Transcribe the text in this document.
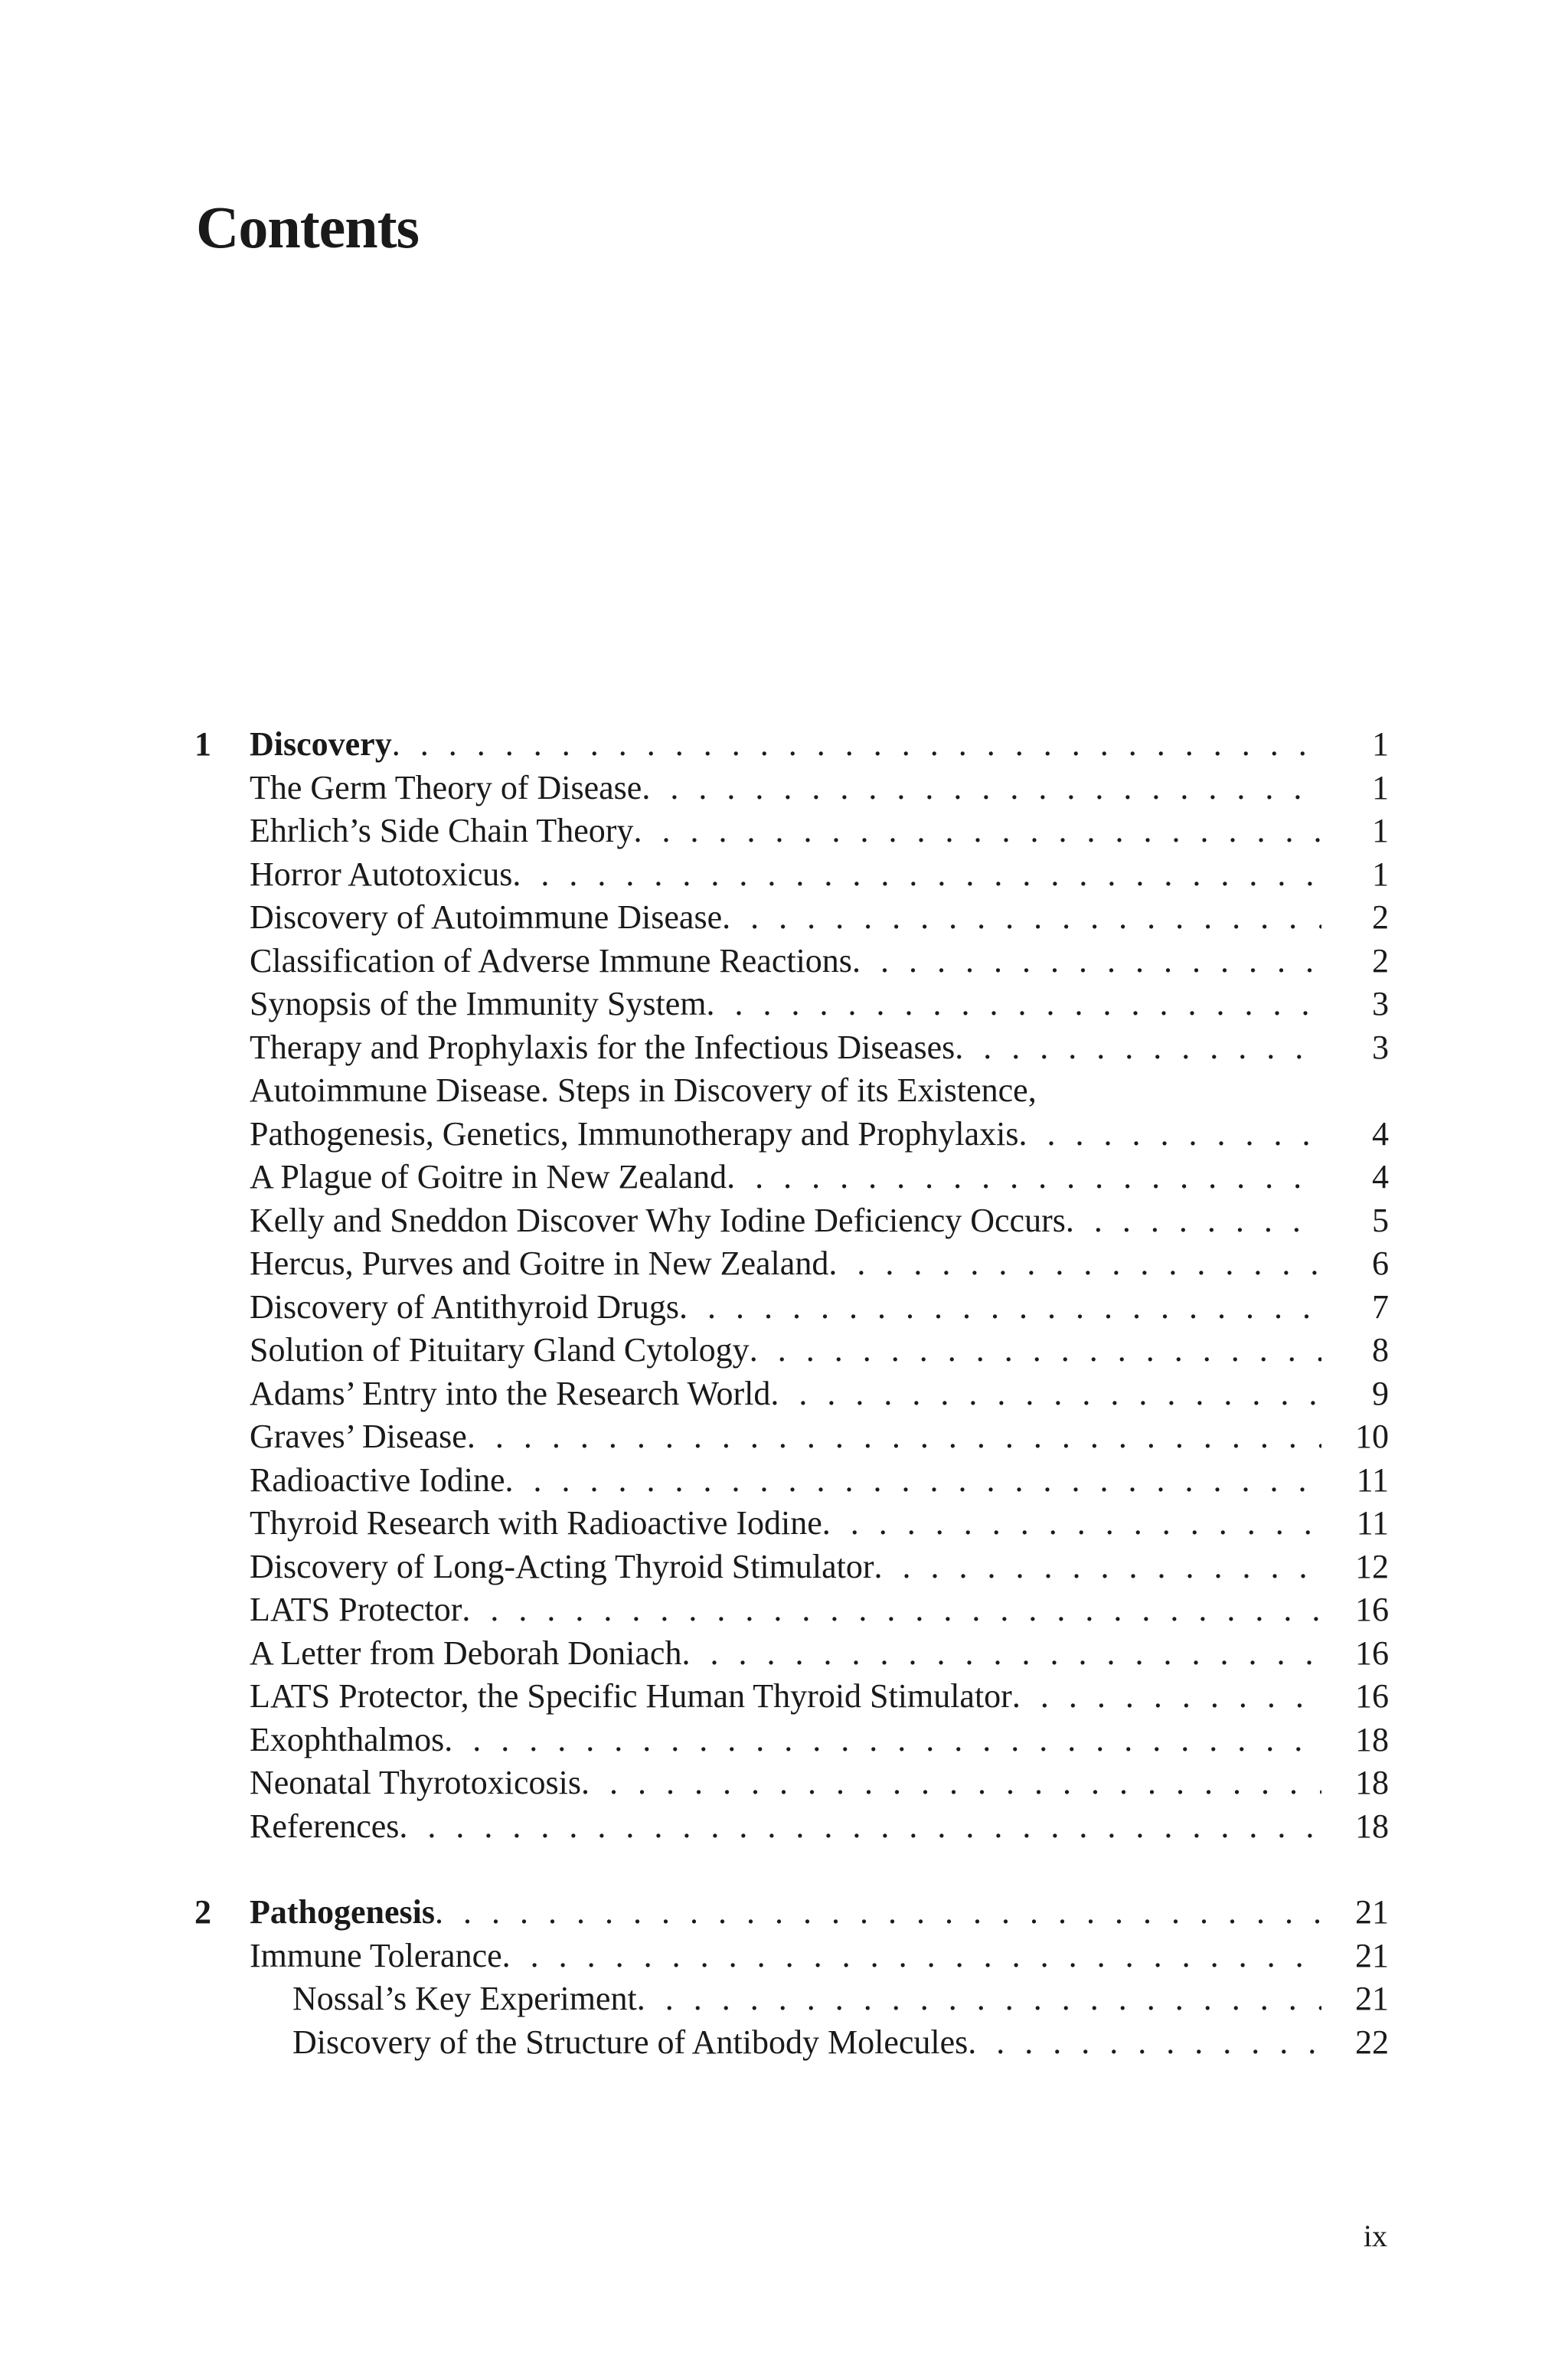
Contents
1	Discovery . . .	1
The Germ Theory of Disease . . .	1
Ehrlich’s Side Chain Theory . . .	1
Horror Autotoxicus . . .	1
Discovery of Autoimmune Disease . . .	2
Classification of Adverse Immune Reactions . . .	2
Synopsis of the Immunity System . . .	3
Therapy and Prophylaxis for the Infectious Diseases . . .	3
Autoimmune Disease. Steps in Discovery of its Existence,
Pathogenesis, Genetics, Immunotherapy and Prophylaxis . . .	4
A Plague of Goitre in New Zealand . . .	4
Kelly and Sneddon Discover Why Iodine Deficiency Occurs . . .	5
Hercus, Purves and Goitre in New Zealand . . .	6
Discovery of Antithyroid Drugs . . .	7
Solution of Pituitary Gland Cytology . . .	8
Adams’ Entry into the Research World . . .	9
Graves’ Disease . . .	10
Radioactive Iodine . . .	11
Thyroid Research with Radioactive Iodine . . .	11
Discovery of Long-Acting Thyroid Stimulator . . .	12
LATS Protector . . .	16
A Letter from Deborah Doniach . . .	16
LATS Protector, the Specific Human Thyroid Stimulator . . .	16
Exophthalmos . . .	18
Neonatal Thyrotoxicosis . . .	18
References . . .	18
2	Pathogenesis . . .	21
Immune Tolerance . . .	21
Nossal’s Key Experiment . . .	21
Discovery of the Structure of Antibody Molecules . . .	22
ix
